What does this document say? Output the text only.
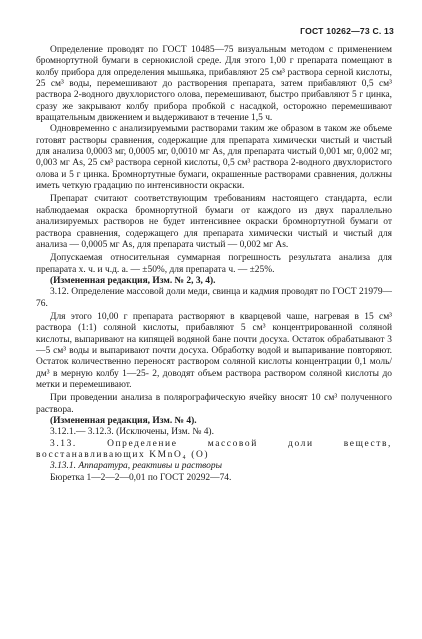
ГОСТ 10262—73 С. 13

Определение проводят по ГОСТ 10485—75 визуальным методом с применением бромнортутной бумаги в сернокислой среде. Для этого 1,00 г препарата помещают в колбу прибора для определения мышьяка, прибавляют 25 см³ раствора серной кислоты, 25 см³ воды, перемешивают до растворения препарата, затем прибавляют 0,5 см³ раствора 2-водного двухлористого олова, перемешивают, быстро прибавляют 5 г цинка, сразу же закрывают колбу прибора пробкой с насадкой, осторожно перемешивают вращательным движением и выдерживают в течение 1,5 ч.

Одновременно с анализируемыми растворами таким же образом в таком же объеме готовят растворы сравнения, содержащие для препарата химически чистый и чистый для анализа 0,0003 мг, 0,0005 мг, 0,0010 мг As, для препарата чистый 0,001 мг, 0,002 мг, 0,003 мг As, 25 см³ раствора серной кислоты, 0,5 см³ раствора 2-водного двухлористого олова и 5 г цинка. Бромнортутные бумаги, окрашенные растворами сравнения, должны иметь четкую градацию по интенсивности окраски.

Препарат считают соответствующим требованиям настоящего стандарта, если наблюдаемая окраска бромнортутной бумаги от каждого из двух параллельно анализируемых растворов не будет интенсивнее окраски бромнортутной бумаги от раствора сравнения, содержащего для препарата химически чистый и чистый для анализа — 0,0005 мг As, для препарата чистый — 0,002 мг As.

Допускаемая относительная суммарная погрешность результата анализа для препарата х. ч. и ч.д. а. — ±50%, для препарата ч. — ±25%.

(Измененная редакция, Изм. № 2, 3, 4).

3.12. Определение массовой доли меди, свинца и кадмия проводят по ГОСТ 21979—76.

Для этого 10,00 г препарата растворяют в кварцевой чаше, нагревая в 15 см³ раствора (1:1) соляной кислоты, прибавляют 5 см³ концентрированной соляной кислоты, выпаривают на кипящей водяной бане почти досуха. Остаток обрабатывают 3—5 см³ воды и выпаривают почти досуха. Обработку водой и выпаривание повторяют. Остаток количественно переносят раствором соляной кислоты концентрации 0,1 моль/дм³ в мерную колбу 1—25- 2, доводят объем раствора раствором соляной кислоты до метки и перемешивают.

При проведении анализа в полярографическую ячейку вносят 10 см³ полученного раствора.

(Измененная редакция, Изм. № 4).

3.12.1.— 3.12.3. (Исключены, Изм. № 4).

3.13. Определение массовой доли веществ, восстанавливающих KMnO₄ (O)

3.13.1. Аппаратура, реактивы и растворы

Бюретка 1—2—2—0,01 по ГОСТ 20292—74.
